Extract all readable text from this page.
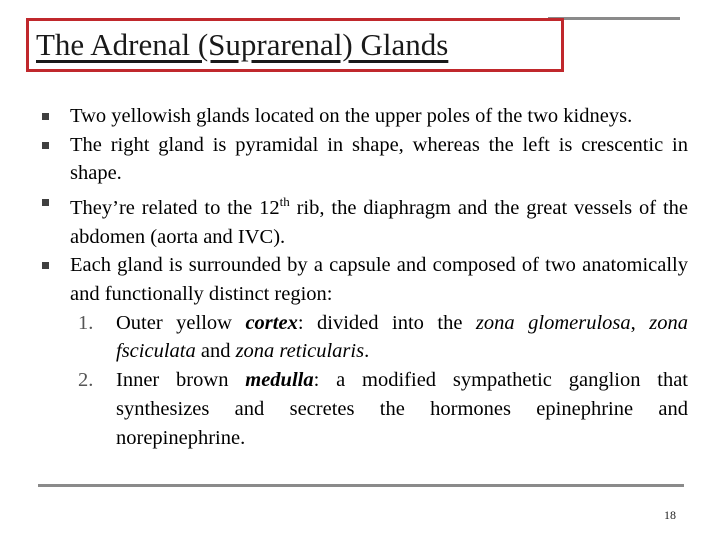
The Adrenal (Suprarenal) Glands
Two yellowish glands located on the upper poles of the two kidneys.
The right gland is pyramidal in shape, whereas the left is crescentic in shape.
They’re related to the 12th rib, the diaphragm and the great vessels of the abdomen (aorta and IVC).
Each gland is surrounded by a capsule and composed of two anatomically and functionally distinct region:
1. Outer yellow cortex: divided into the zona glomerulosa, zona fsciculata and zona reticularis.
2. Inner brown medulla: a modified sympathetic ganglion that synthesizes and secretes the hormones epinephrine and norepinephrine.
18
